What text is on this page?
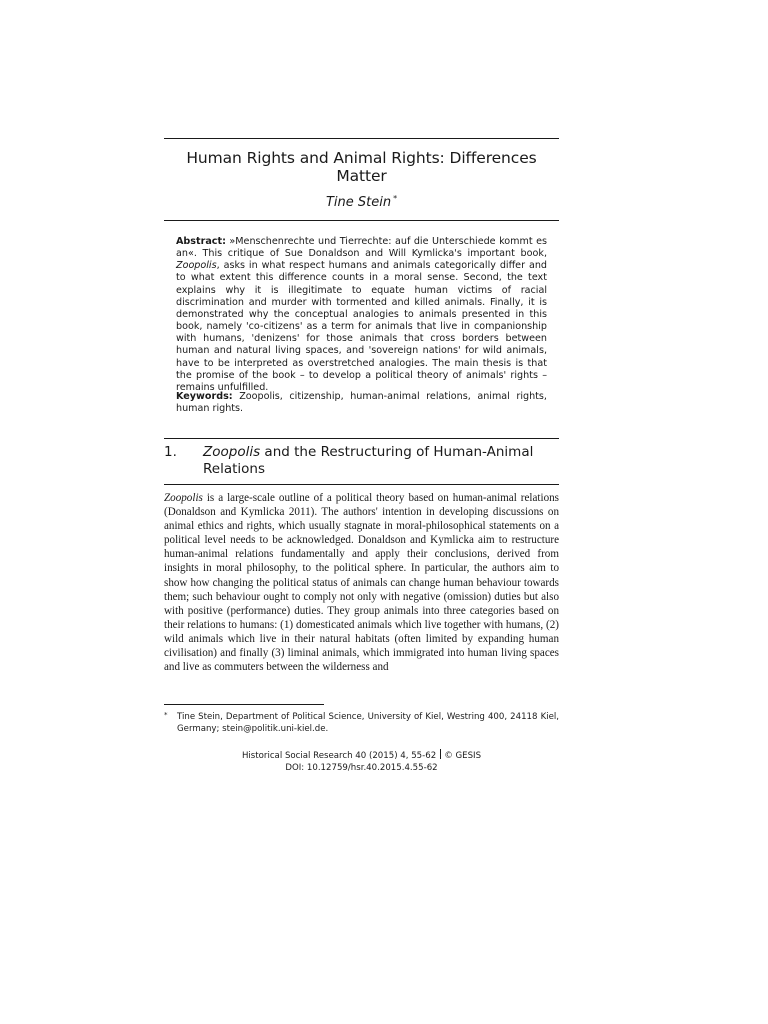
Human Rights and Animal Rights: Differences Matter
Tine Stein *

Abstract: »Menschenrechte und Tierrechte: auf die Unterschiede kommt es an«. This critique of Sue Donaldson and Will Kymlicka's important book, Zoopolis, asks in what respect humans and animals categorically differ and to what extent this difference counts in a moral sense. Second, the text explains why it is illegitimate to equate human victims of racial discrimination and murder with tormented and killed animals. Finally, it is demonstrated why the conceptual analogies to animals presented in this book, namely 'co-citizens' as a term for animals that live in companionship with humans, 'denizens' for those animals that cross borders between human and natural living spaces, and 'sovereign nations' for wild animals, have to be interpreted as overstretched analogies. The main thesis is that the promise of the book – to develop a political theory of animals' rights – remains unfulfilled.

Keywords: Zoopolis, citizenship, human-animal relations, animal rights, human rights.

1. Zoopolis and the Restructuring of Human-Animal Relations

Zoopolis is a large-scale outline of a political theory based on human-animal relations (Donaldson and Kymlicka 2011). The authors' intention in developing discussions on animal ethics and rights, which usually stagnate in moral-philosophical statements on a political level needs to be acknowledged. Donaldson and Kymlicka aim to restructure human-animal relations fundamentally and apply their conclusions, derived from insights in moral philosophy, to the political sphere. In particular, the authors aim to show how changing the political status of animals can change human behaviour towards them; such behaviour ought to comply not only with negative (omission) duties but also with positive (performance) duties. They group animals into three categories based on their relations to humans: (1) domesticated animals which live together with humans, (2) wild animals which live in their natural habitats (often limited by expanding human civilisation) and finally (3) liminal animals, which immigrated into human living spaces and live as commuters between the wilderness and

* Tine Stein, Department of Political Science, University of Kiel, Westring 400, 24118 Kiel, Germany; stein@politik.uni-kiel.de.
Historical Social Research 40 (2015) 4, 55-62 © GESIS
DOI: 10.12759/hsr.40.2015.4.55-62
